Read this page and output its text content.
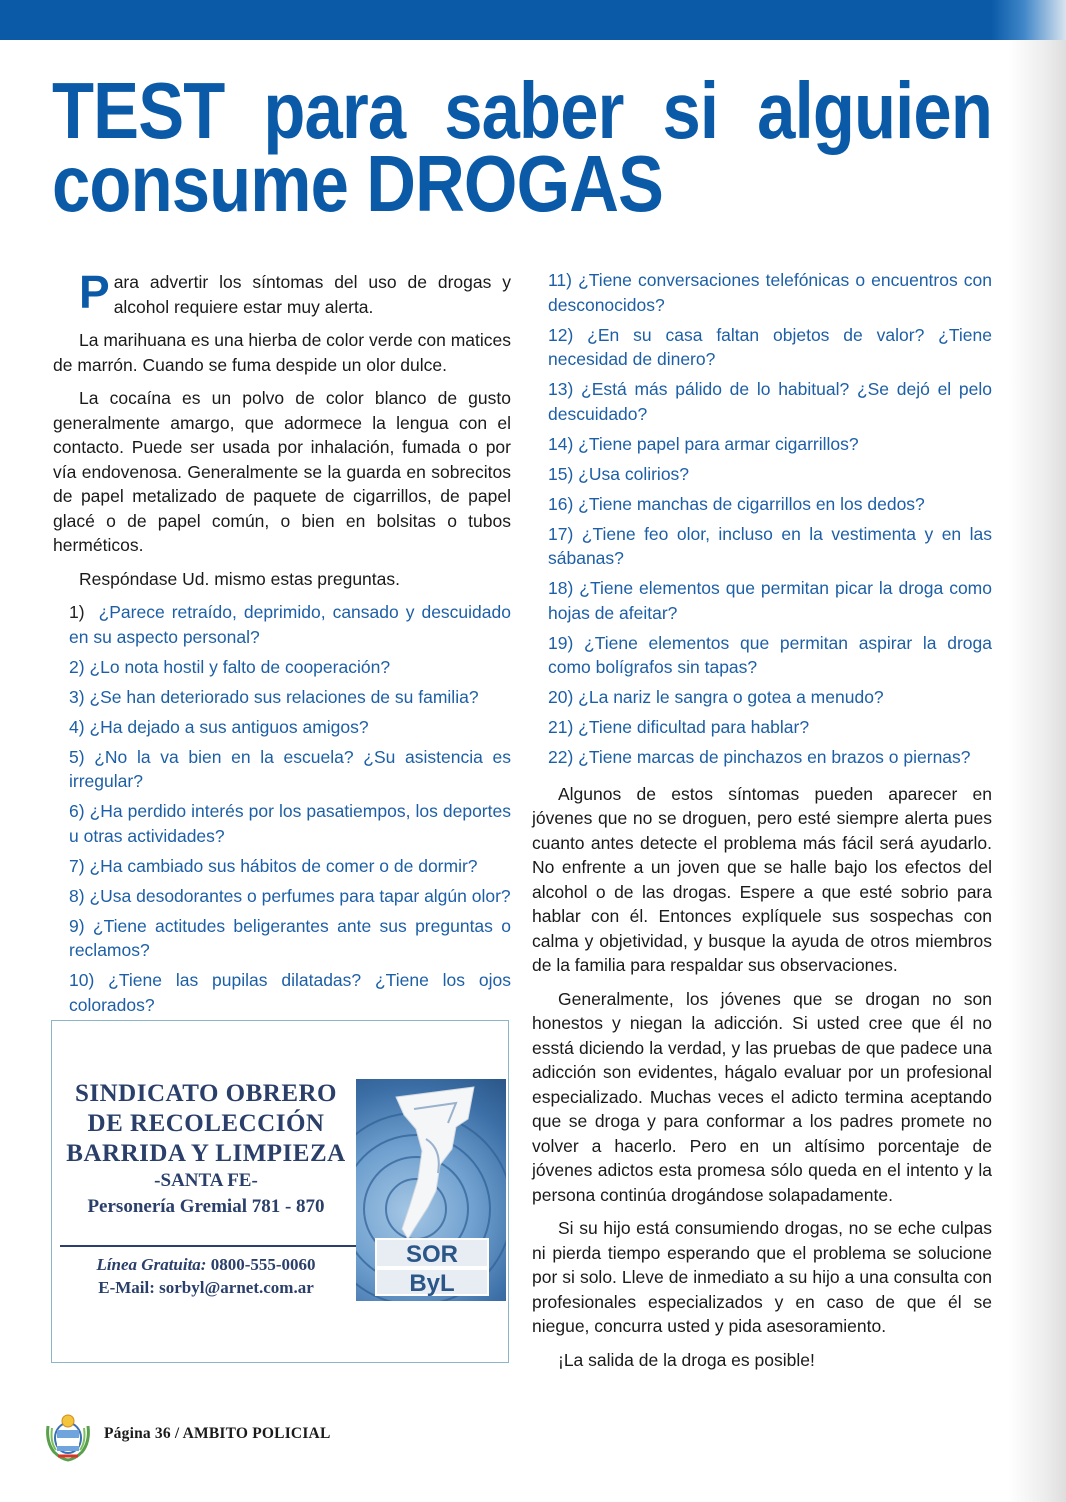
TEST para saber si alguien
consume DROGAS

Para advertir los síntomas del uso de drogas y alcohol requiere estar muy alerta.

La marihuana es una hierba de color verde con matices de marrón. Cuando se fuma despide un olor dulce.

La cocaína es un polvo de color blanco de gusto generalmente amargo, que adormece la lengua con el contacto. Puede ser usada por inhalación, fumada o por vía endovenosa. Generalmente se la guarda en sobrecitos de papel metalizado de paquete de cigarrillos, de papel glacé o de papel común, o bien en bolsitas o tubos herméticos.

Respóndase Ud. mismo estas preguntas.

1) ¿Parece retraído, deprimido, cansado y descuidado en su aspecto personal?
2) ¿Lo nota hostil y falto de cooperación?
3) ¿Se han deteriorado sus relaciones de su familia?
4) ¿Ha dejado a sus antiguos amigos?
5) ¿No la va bien en la escuela? ¿Su asistencia es irregular?
6) ¿Ha perdido interés por los pasatiempos, los deportes u otras actividades?
7) ¿Ha cambiado sus hábitos de comer o de dormir?
8) ¿Usa desodorantes o perfumes para tapar algún olor?
9) ¿Tiene actitudes beligerantes ante sus preguntas o reclamos?
10) ¿Tiene las pupilas dilatadas? ¿Tiene los ojos colorados?
11) ¿Tiene conversaciones telefónicas o encuentros con desconocidos?
12) ¿En su casa faltan objetos de valor? ¿Tiene necesidad de dinero?
13) ¿Está más pálido de lo habitual? ¿Se dejó el pelo descuidado?
14) ¿Tiene papel para armar cigarrillos?
15) ¿Usa colirios?
16) ¿Tiene manchas de cigarrillos en los dedos?
17) ¿Tiene feo olor, incluso en la vestimenta y en las sábanas?
18) ¿Tiene elementos que permitan picar la droga como hojas de afeitar?
19) ¿Tiene elementos que permitan aspirar la droga como bolígrafos sin tapas?
20) ¿La nariz le sangra o gotea a menudo?
21) ¿Tiene dificultad para hablar?
22) ¿Tiene marcas de pinchazos en brazos o piernas?

Algunos de estos síntomas pueden aparecer en jóvenes que no se droguen, pero esté siempre alerta pues cuanto antes detecte el problema más fácil será ayudarlo. No enfrente a un joven que se halle bajo los efectos del alcohol o de las drogas. Espere a que esté sobrio para hablar con él. Entonces explíquele sus sospechas con calma y objetividad, y busque la ayuda de otros miembros de la familia para respaldar sus observaciones.

Generalmente, los jóvenes que se drogan no son honestos y niegan la adicción. Si usted cree que él no esstá diciendo la verdad, y las pruebas de que padece una adicción son evidentes, hágalo evaluar por un profesional especializado. Muchas veces el adicto termina aceptando que se droga y para conformar a los padres promete no volver a hacerlo. Pero en un altísimo porcentaje de jóvenes adictos esta promesa sólo queda en el intento y la persona continúa drogándose solapadamente.

Si su hijo está consumiendo drogas, no se eche culpas ni pierda tiempo esperando que el problema se solucione por si solo. Lleve de inmediato a su hijo a una consulta con profesionales especializados y en caso de que él se niegue, concurra usted y pida asesoramiento.

¡La salida de la droga es posible!

SINDICATO OBRERO
DE RECOLECCIÓN
BARRIDA Y LIMPIEZA
-SANTA FE-
Personería Gremial 781 - 870
Línea Gratuita: 0800-555-0060
E-Mail: sorbyl@arnet.com.ar
SOR
ByL
Página 36 / AMBITO POLICIAL
